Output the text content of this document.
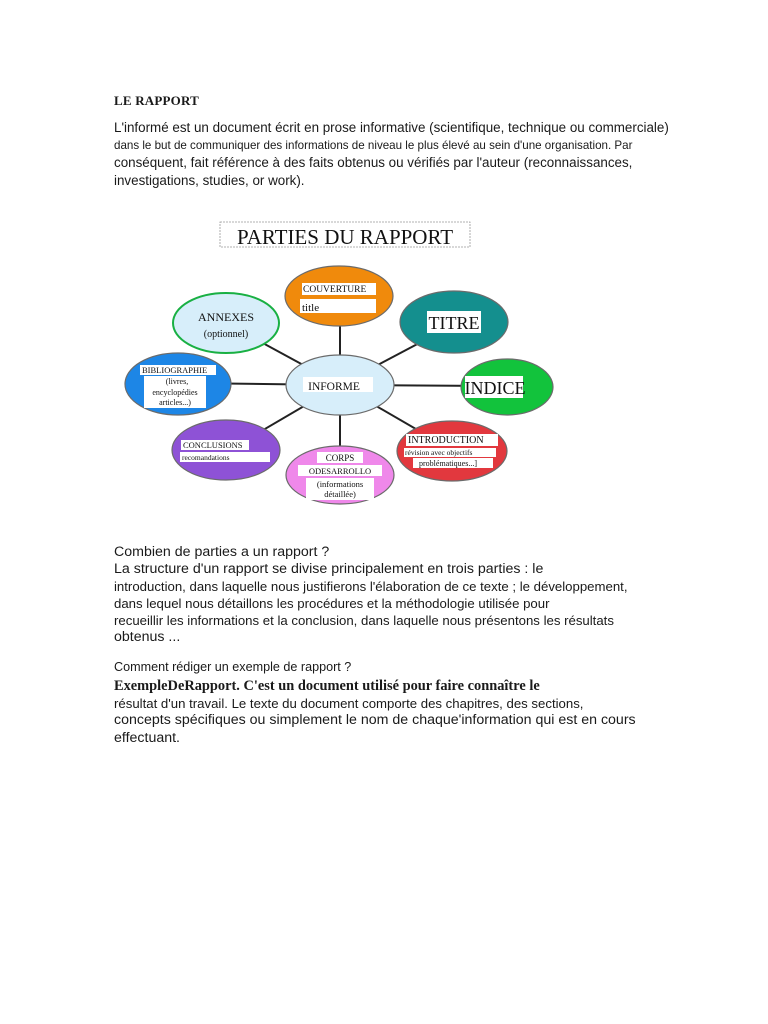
LE RAPPORT
L'informé est un document écrit en prose informative (scientifique, technique ou commerciale)
dans le but de communiquer des informations de niveau le plus élevé au sein d'une organisation. Par
conséquent, fait référence à des faits obtenus ou vérifiés par l'auteur (reconnaissances,
investigations, studies, or work).
PARTIES DU RAPPORT
COUVERTURE
title
TITRE
INDICE
INTRODUCTION
révision avec objectifs
problématiques...]
CORPS
ODESARROLLO
(informations
détaillée)
CONCLUSIONS
recomandations
BIBLIOGRAPHIE
(livres,
encyclopédies
articles...)
ANNEXES
(optionnel)
INFORME
Combien de parties a un rapport ?
La structure d'un rapport se divise principalement en trois parties : le
introduction, dans laquelle nous justifierons l'élaboration de ce texte ; le développement,
dans lequel nous détaillons les procédures et la méthodologie utilisée pour
recueillir les informations et la conclusion, dans laquelle nous présentons les résultats
obtenus ...
Comment rédiger un exemple de rapport ?
ExempleDeRapport. C'est un document utilisé pour faire connaître le
résultat d'un travail. Le texte du document comporte des chapitres, des sections,
concepts spécifiques ou simplement le nom de chaque'information qui est en cours
effectuant.
